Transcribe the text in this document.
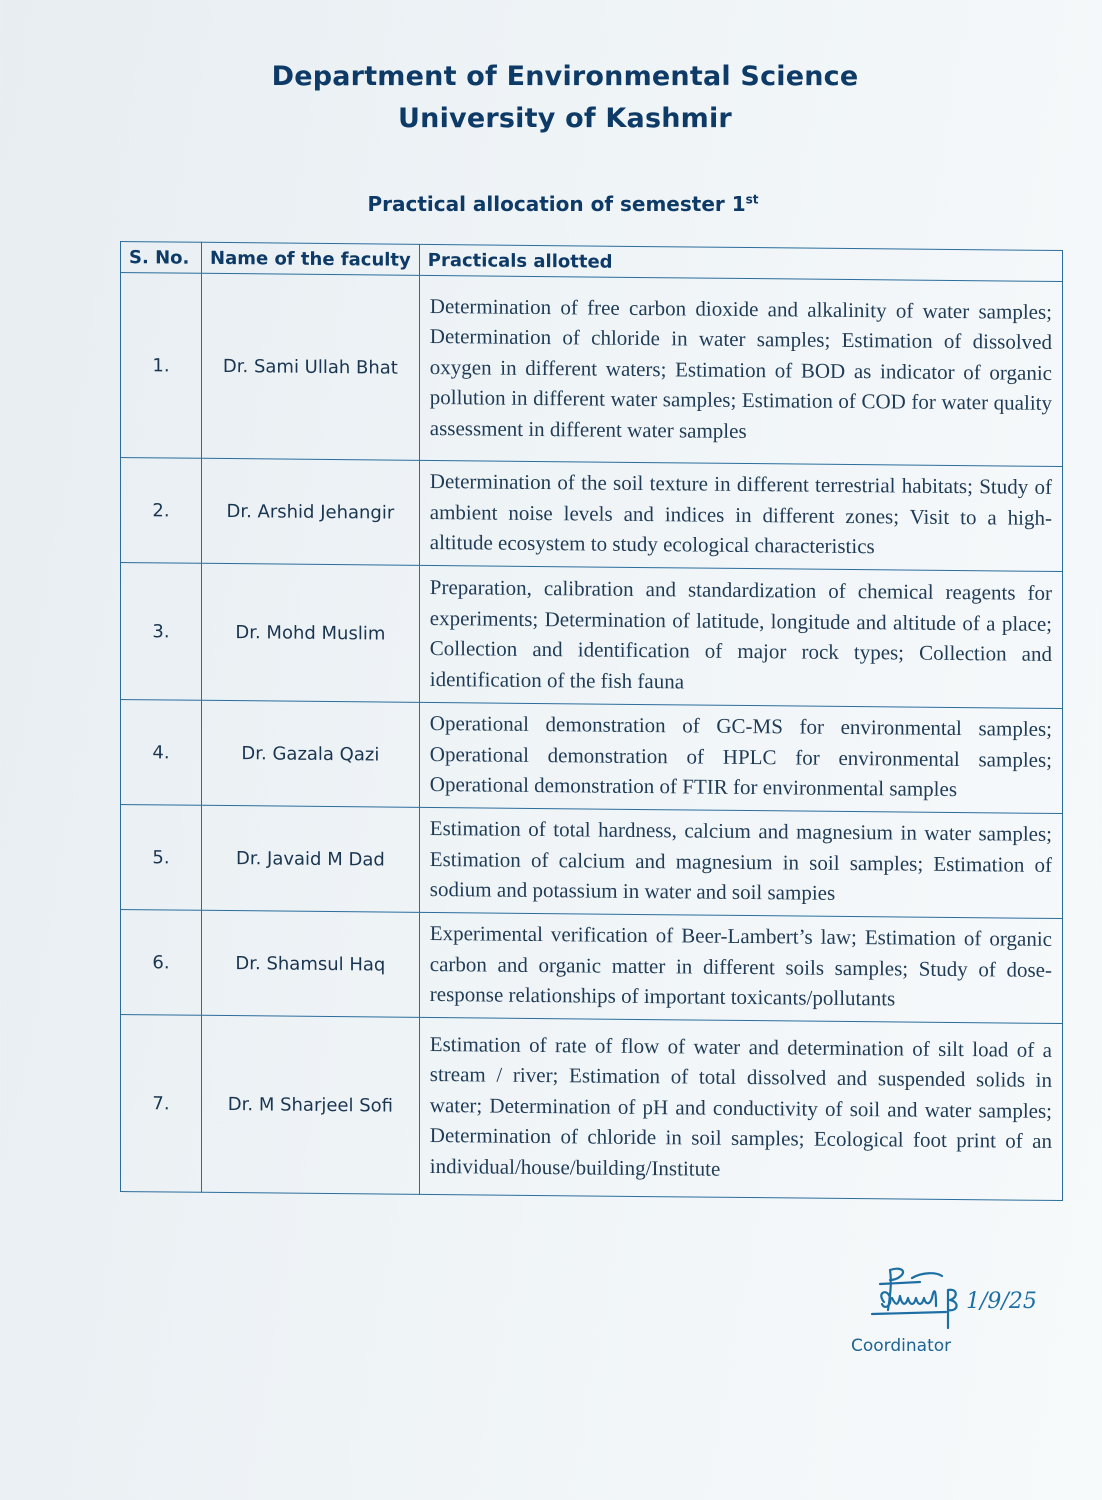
Department of Environmental Science
University of Kashmir
Practical allocation of semester 1st
S. No.	Name of the faculty	Practicals allotted
1.	Dr. Sami Ullah Bhat	Determination of free carbon dioxide and alkalinity of water samples; Determination of chloride in water samples; Estimation of dissolved oxygen in different waters; Estimation of BOD as indicator of organic pollution in different water samples; Estimation of COD for water quality assessment in different water samples
2.	Dr. Arshid Jehangir	Determination of the soil texture in different terrestrial habitats; Study of ambient noise levels and indices in different zones; Visit to a high-altitude ecosystem to study ecological characteristics
3.	Dr. Mohd Muslim	Preparation, calibration and standardization of chemical reagents for experiments; Determination of latitude, longitude and altitude of a place; Collection and identification of major rock types; Collection and identification of the fish fauna
4.	Dr. Gazala Qazi	Operational demonstration of GC-MS for environmental samples; Operational demonstration of HPLC for environmental samples; Operational demonstration of FTIR for environmental samples
5.	Dr. Javaid M Dad	Estimation of total hardness, calcium and magnesium in water samples; Estimation of calcium and magnesium in soil samples; Estimation of sodium and potassium in water and soil sampies
6.	Dr. Shamsul Haq	Experimental verification of Beer-Lambert’s law; Estimation of organic carbon and organic matter in different soils samples; Study of dose-response relationships of important toxicants/pollutants
7.	Dr. M Sharjeel Sofi	Estimation of rate of flow of water and determination of silt load of a stream / river; Estimation of total dissolved and suspended solids in water; Determination of pH and conductivity of soil and water samples; Determination of chloride in soil samples; Ecological foot print of an individual/house/building/Institute
1/9/25
Coordinator
